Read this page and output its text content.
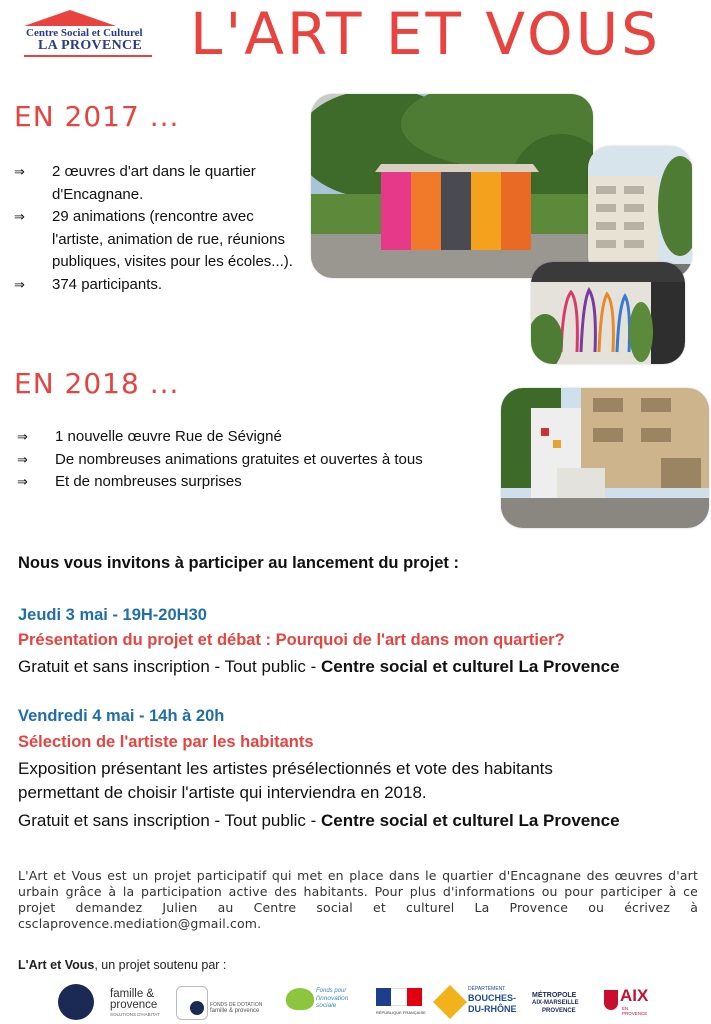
Centre Social et Culturel
LA PROVENCE L'ART ET VOUS
EN 2017 ...
⇒ 2 œuvres d'art dans le quartier d'Encagnane.
⇒ 29 animations (rencontre avec l'artiste, animation de rue, réunions publiques, visites pour les écoles...).
⇒ 374 participants.
EN 2018 ...
⇒ 1 nouvelle œuvre Rue de Sévigné
⇒ De nombreuses animations gratuites et ouvertes à tous
⇒ Et de nombreuses surprises
Nous vous invitons à participer au lancement du projet :
Jeudi 3 mai - 19H-20H30
Présentation du projet et débat : Pourquoi de l'art dans mon quartier?
Gratuit et sans inscription - Tout public - Centre social et culturel La Provence
Vendredi 4 mai - 14h à 20h
Sélection de l'artiste par les habitants
Exposition présentant les artistes présélectionnés et vote des habitants permettant de choisir l'artiste qui interviendra en 2018.
Gratuit et sans inscription - Tout public - Centre social et culturel La Provence
L'Art et Vous est un projet participatif qui met en place dans le quartier d'Encagnane des œuvres d'art urbain grâce à la participation active des habitants. Pour plus d'informations ou pour participer à ce projet demandez Julien au Centre social et culturel La Provence ou écrivez à csclaprovence.mediation@gmail.com.
L'Art et Vous, un projet soutenu par :
famille &
provence
SOLUTIONS D'HABITAT
FONDS DE DOTATION
famille & provence
Fonds pour
l'innovation
sociale
RÉPUBLIQUE FRANÇAISE
DÉPARTEMENT
BOUCHES-
DU-RHÔNE
MÉTROPOLE
AIX-MARSEILLE
PROVENCE
AIX
EN PROVENCE
